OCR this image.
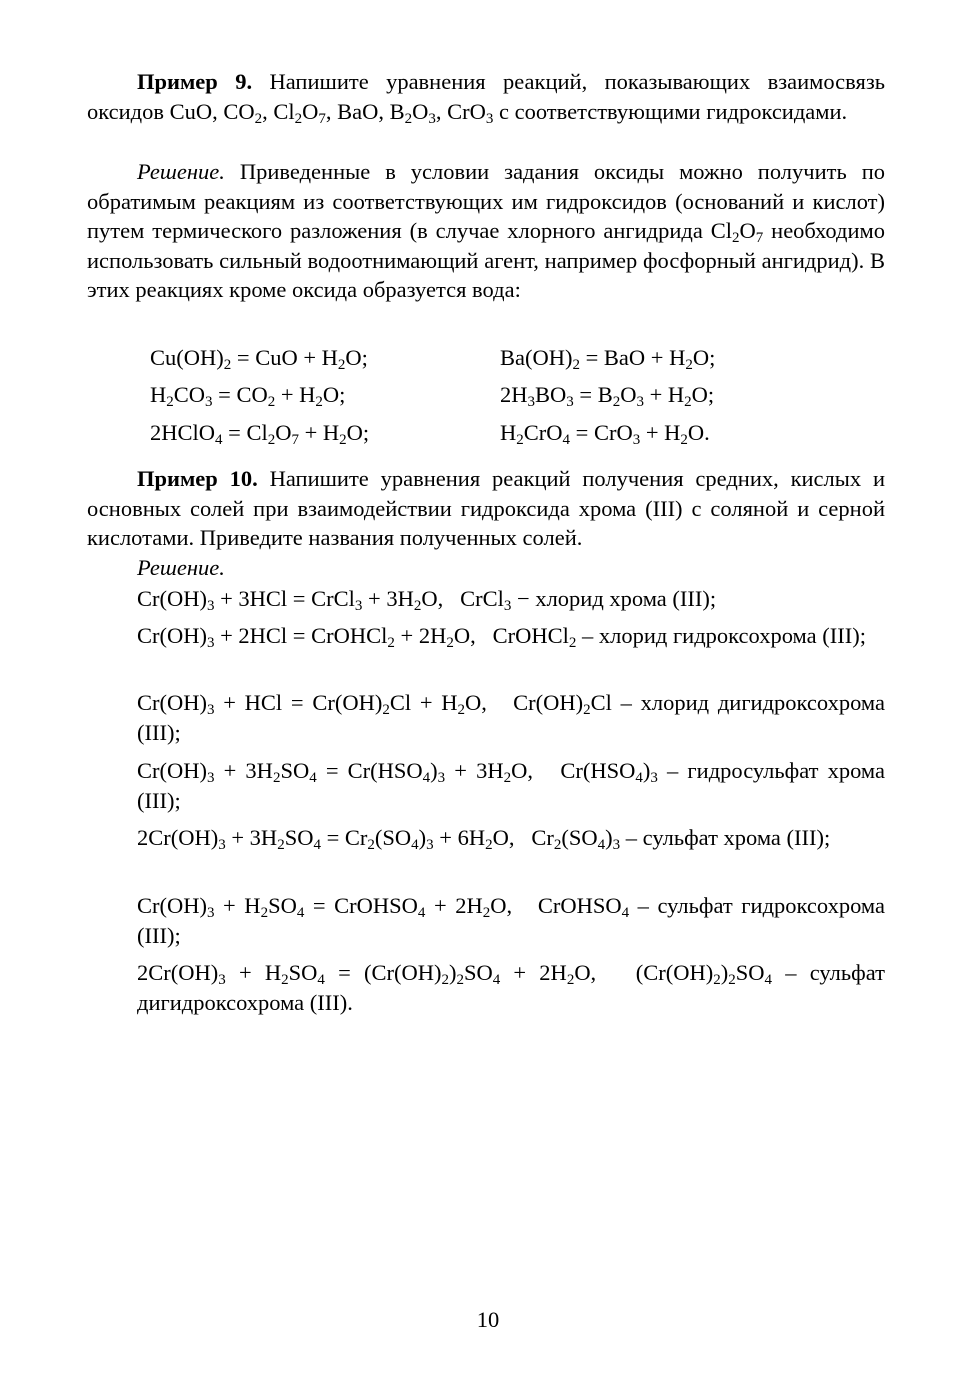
Пример 9. Напишите уравнения реакций, показывающих взаимосвязь оксидов CuO, $CO_2$, $Cl_2O_7$, BaO, $B_2O_3$, CrO$_3$ с соответствующими гидроксидами.

Решение. Приведенные в условии задания оксиды можно получить по обратимым реакциям из соответствующих им гидроксидов (оснований и кислот) путем термического разложения (в случае хлорного ангидрида $Cl_2O_7$ необходимо использовать сильный водоотнимающий агент, например фосфорный ангидрид). В этих реакциях кроме оксида образуется вода:

$Cu(OH)_2$ = CuO + $H_2O$;	$Ba(OH)_2$ = BaO + $H_2O$;
$H_2CO_3 = CO_2 + H_2O$;	$2H_3BO_3 = B_2O_3 + H_2O$;
2HClO$_4$ = $Cl_2O_7 + H_2O$;	$H_2CrO_4 = CrO_3 + H_2O$.

Пример 10. Напишите уравнения реакций получения средних, кислых и основных солей при взаимодействии гидроксида хрома (III) с соляной и серной кислотами. Приведите названия полученных солей.

Решение.

$Cr(OH)_3 + 3HCl$ = CrCl$_3$ + $3H_2O$,   CrCl$_3$ − хлорид хрома (III);

$Cr(OH)_3 + 2HCl$ = CrOHCl$_2$ + $2H_2O$,   CrOHCl$_2$ – хлорид гидроксохрома (III);

$Cr(OH)_3$ + HCl = $Cr(OH)_2Cl + H_2O$,   $Cr(OH)_2Cl$ – хлорид дигидроксохрома (III);

$Cr(OH)_3 + 3H_2SO_4 = Cr(HSO_4)_3 + 3H_2O$,   $Cr(HSO_4)_3$ – гидросульфат хрома (III);

$2Cr(OH)_3 + 3H_2SO_4 = Cr_2(SO_4)_3 + 6H_2O$,   $Cr_2(SO_4)_3$ – сульфат хрома (III);

$Cr(OH)_3 + H_2SO_4$ = CrOHSO$_4$ + $2H_2O$,   CrOHSO$_4$ – сульфат гидроксохрома (III);

$2Cr(OH)_3 + H_2SO_4 = (Cr(OH)_2)_2SO_4 + 2H_2O$,   $(Cr(OH)_2)_2SO_4$ – сульфат дигидроксохрома (III).

10
